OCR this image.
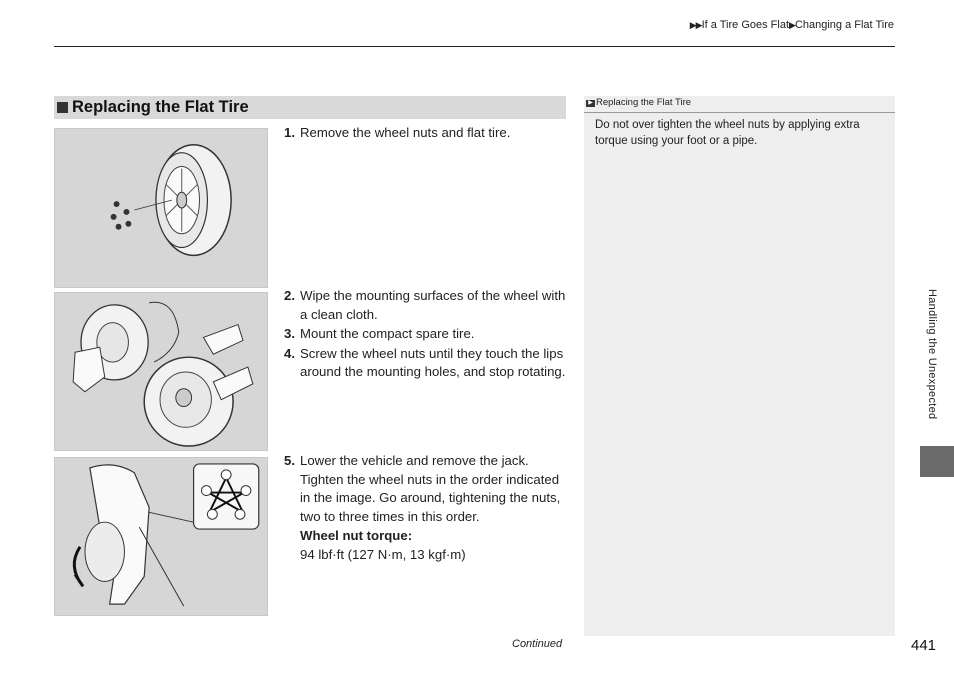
▶▶If a Tire Goes Flat▶Changing a Flat Tire
Replacing the Flat Tire
1. Remove the wheel nuts and flat tire.
2. Wipe the mounting surfaces of the wheel with a clean cloth.
3. Mount the compact spare tire.
4. Screw the wheel nuts until they touch the lips around the mounting holes, and stop rotating.
5. Lower the vehicle and remove the jack. Tighten the wheel nuts in the order indicated in the image. Go around, tightening the nuts, two to three times in this order.
Wheel nut torque:
94 lbf·ft (127 N·m, 13 kgf·m)
▶ Replacing the Flat Tire
Do not over tighten the wheel nuts by applying extra torque using your foot or a pipe.
Handling the Unexpected
Continued	441
